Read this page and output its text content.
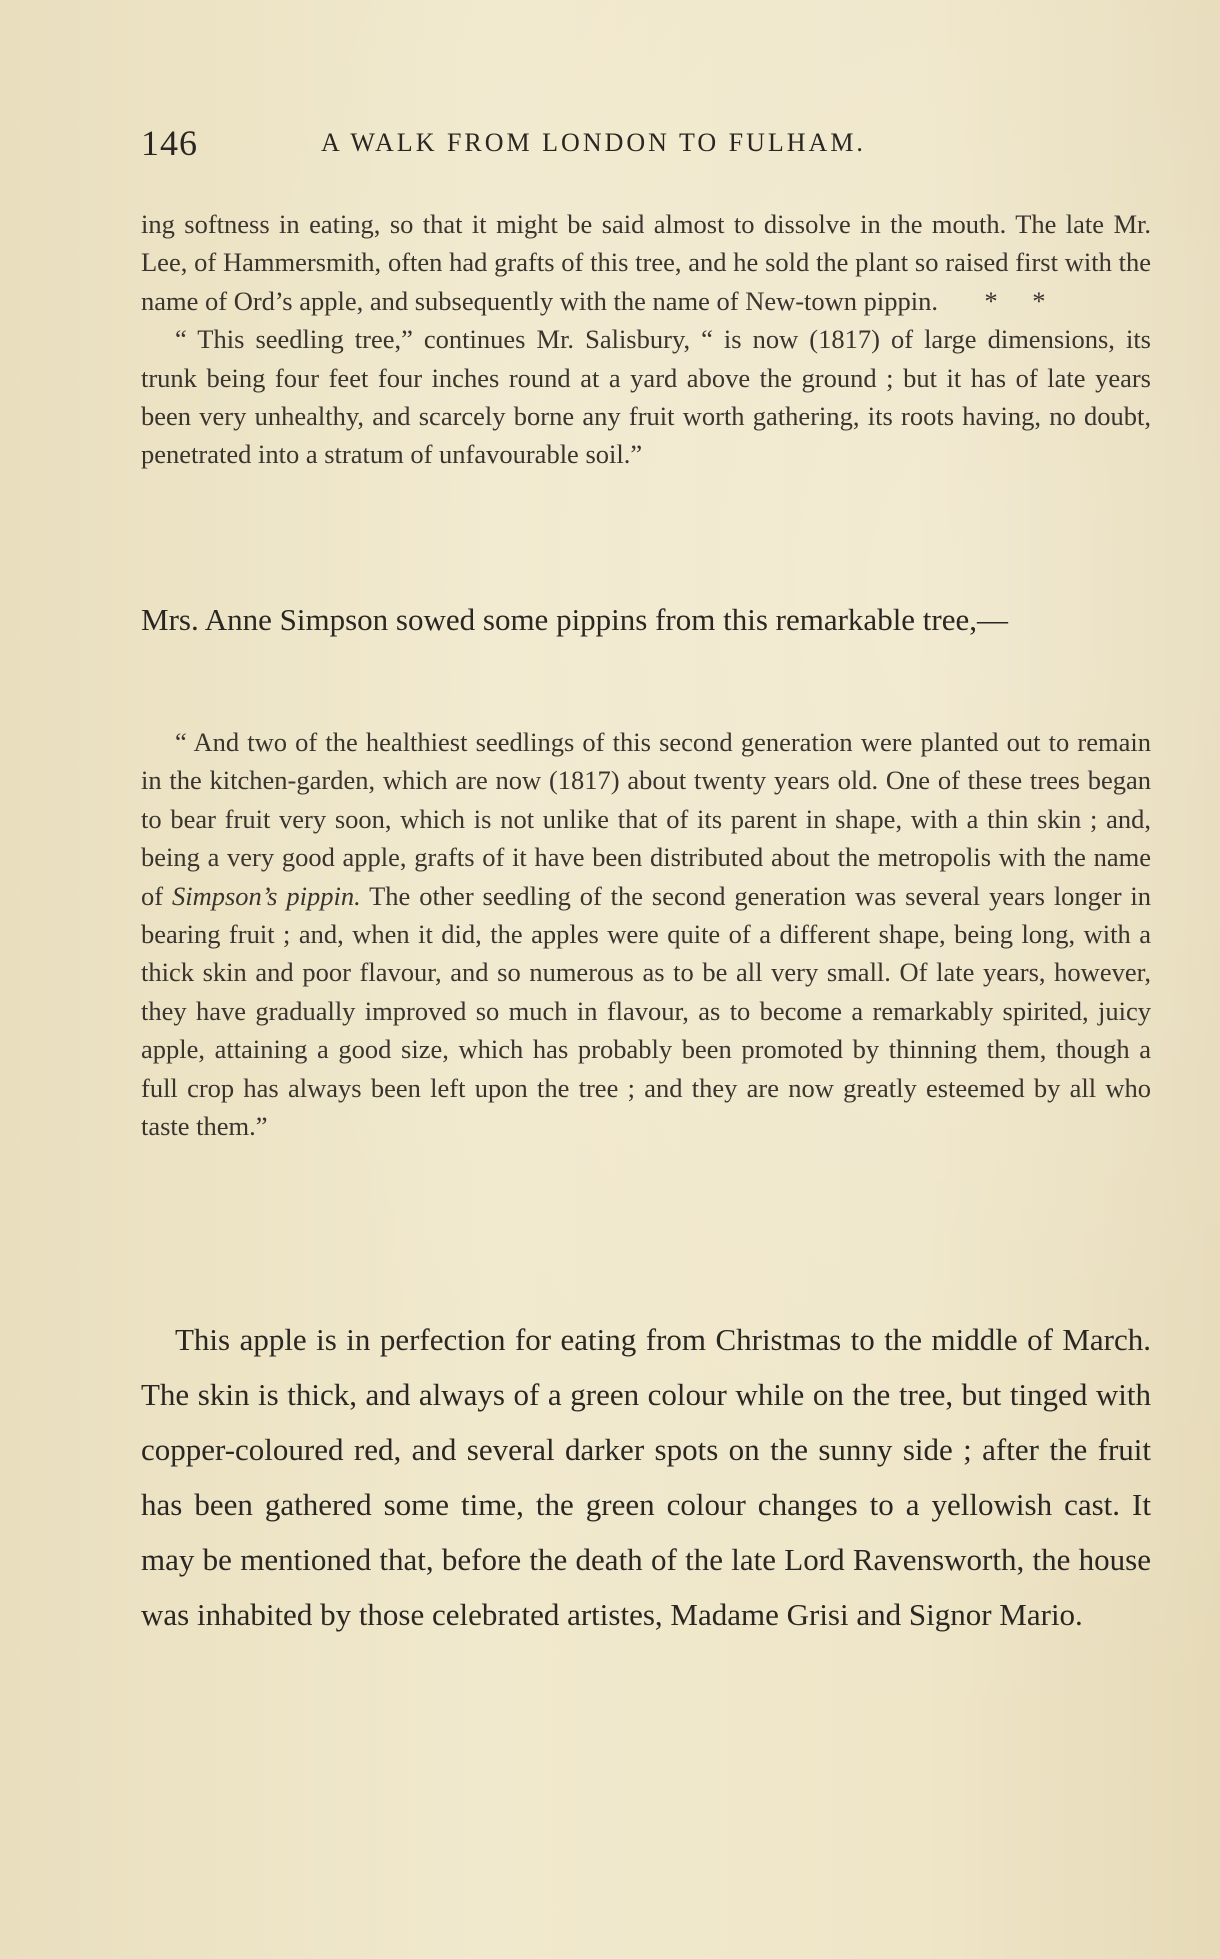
146	A WALK FROM LONDON TO FULHAM.

ing softness in eating, so that it might be said almost to dissolve in the mouth. The late Mr. Lee, of Hammersmith, often had grafts of this tree, and he sold the plant so raised first with the name of Ord’s apple, and subsequently with the name of New-town pippin. * *

“ This seedling tree,” continues Mr. Salisbury, “ is now (1817) of large dimensions, its trunk being four feet four inches round at a yard above the ground ; but it has of late years been very unhealthy, and scarcely borne any fruit worth gathering, its roots having, no doubt, penetrated into a stratum of unfavourable soil.”

Mrs. Anne Simpson sowed some pippins from this remarkable tree,—

“ And two of the healthiest seedlings of this second generation were planted out to remain in the kitchen-garden, which are now (1817) about twenty years old. One of these trees began to bear fruit very soon, which is not unlike that of its parent in shape, with a thin skin ; and, being a very good apple, grafts of it have been distributed about the metropolis with the name of Simpson’s pippin. The other seedling of the second generation was several years longer in bearing fruit ; and, when it did, the apples were quite of a different shape, being long, with a thick skin and poor flavour, and so numerous as to be all very small. Of late years, however, they have gradually improved so much in flavour, as to become a remarkably spirited, juicy apple, attaining a good size, which has probably been promoted by thinning them, though a full crop has always been left upon the tree ; and they are now greatly esteemed by all who taste them.”

This apple is in perfection for eating from Christmas to the middle of March. The skin is thick, and always of a green colour while on the tree, but tinged with copper-coloured red, and several darker spots on the sunny side ; after the fruit has been gathered some time, the green colour changes to a yellowish cast. It may be mentioned that, before the death of the late Lord Ravensworth, the house was inhabited by those celebrated artistes, Madame Grisi and Signor Mario.
